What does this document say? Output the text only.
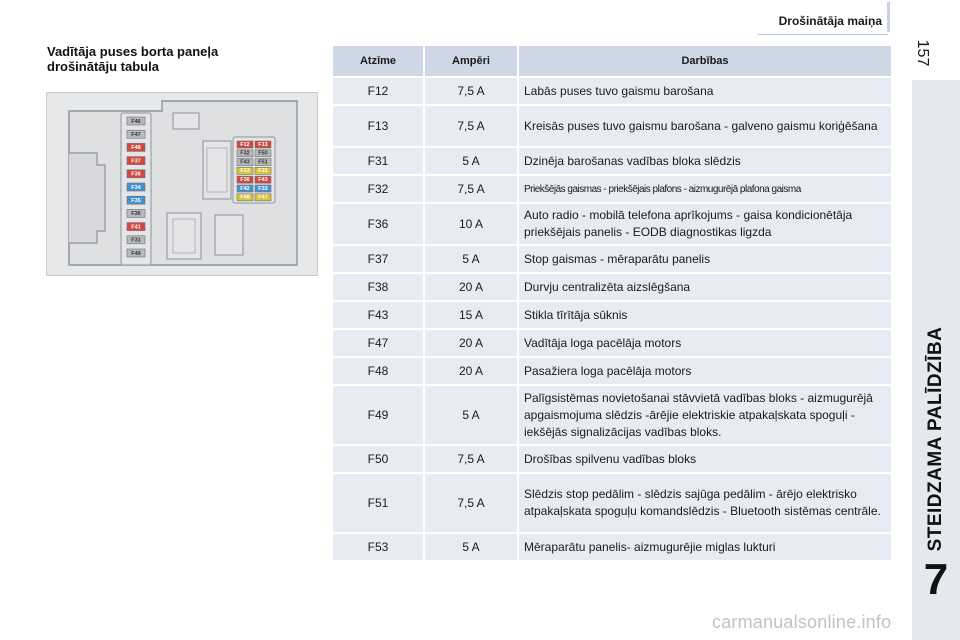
Drošinātāja maiņa
157
STEIDZAMA PALĪDZĪBA
7
Vadītāja puses borta paneļa
drošinātāju tabula
F46
F47
F48
F37
F38
F34
F35
F36
F41
F31
F49
F12
F32
F43
F13
F36
F42
F48
F13
F50
F51
F31
F43
F33
F47
Atzīme	Ampēri	Darbības
F12	7,5 A	Labās puses tuvo gaismu barošana
F13	7,5 A	Kreisās puses tuvo gaismu barošana - galveno gaismu koriģēšana
F31	5 A	Dzinēja barošanas vadības bloka slēdzis
F32	7,5 A	Priekšējās gaismas - priekšējais plafons - aizmugurējā plafona gaisma
F36	10 A	Auto radio - mobilā telefona aprīkojums - gaisa kondicionētāja priekšējais panelis - EODB diagnostikas ligzda
F37	5 A	Stop gaismas - mēraparātu panelis
F38	20 A	Durvju centralizēta aizslēgšana
F43	15 A	Stikla tīrītāja sūknis
F47	20 A	Vadītāja loga pacēlāja motors
F48	20 A	Pasažiera loga pacēlāja motors
F49	5 A	Palīgsistēmas novietošanai stāvvietā vadības bloks - aizmugurējā apgaismojuma slēdzis -ārējie elektriskie atpakaļskata spoguļi - iekšējās signalizācijas vadības bloks.
F50	7,5 A	Drošības spilvenu vadības bloks
F51	7,5 A	Slēdzis stop pedālim - slēdzis sajūga pedālim - ārējo elektrisko atpakaļskata spoguļu komandslēdzis - Bluetooth sistēmas centrāle.
F53	5 A	Mēraparātu panelis- aizmugurējie miglas lukturi
carmanualsonline.info
